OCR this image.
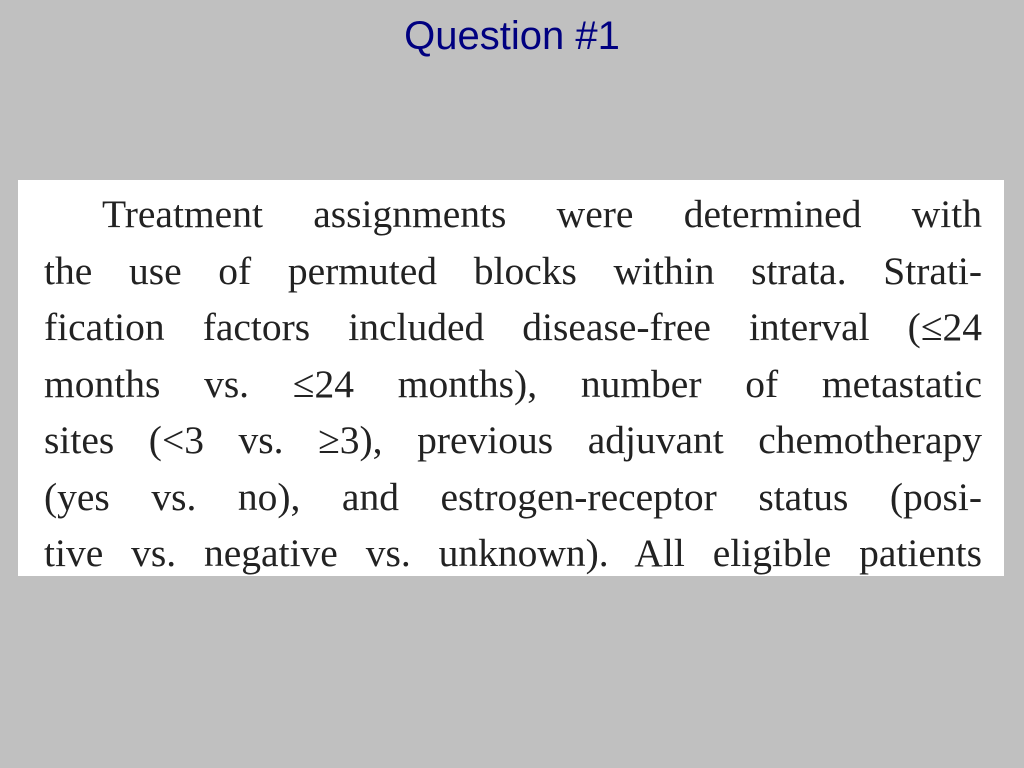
Question #1
Treatment assignments were determined with
the use of permuted blocks within strata. Strati-
fication factors included disease-free interval (≤24
months vs. ≤24 months), number of metastatic
sites (<3 vs. ≥3), previous adjuvant chemotherapy
(yes vs. no), and estrogen-receptor status (posi-
tive vs. negative vs. unknown). All eligible patients
